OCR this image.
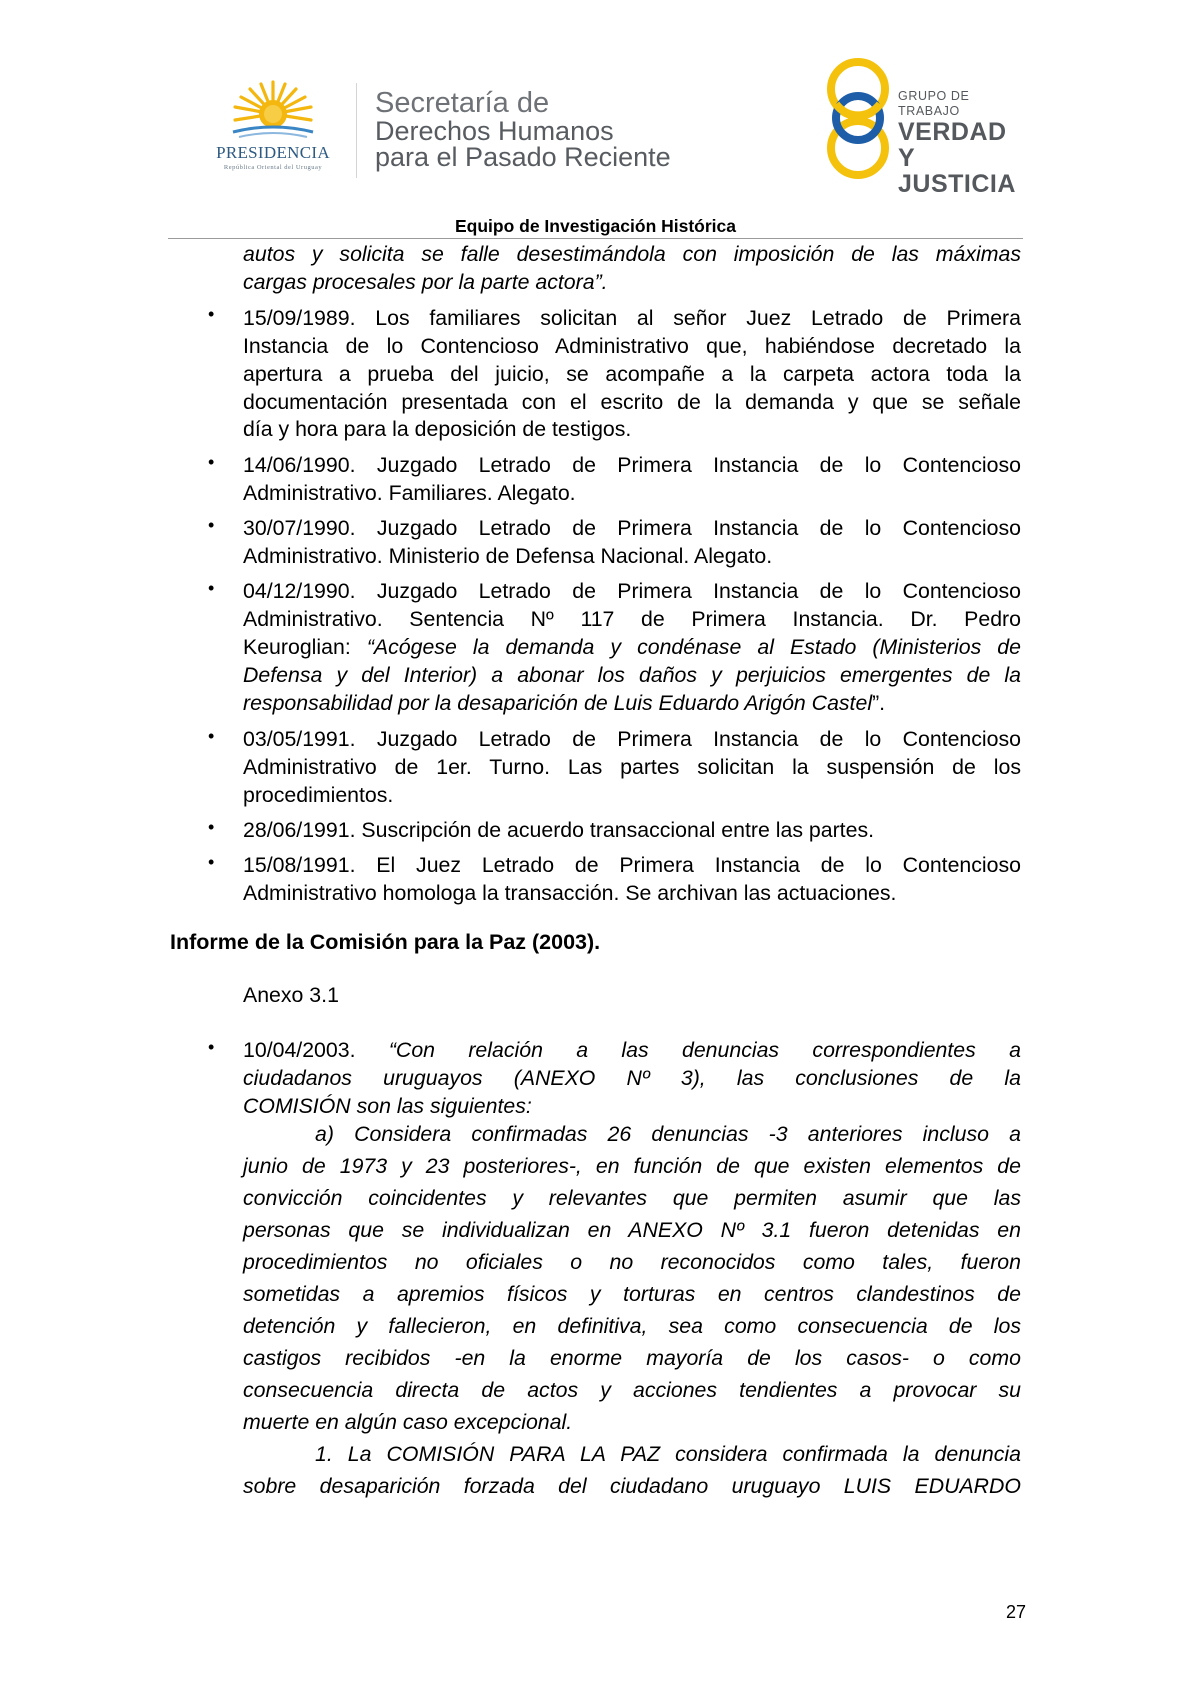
PRESIDENCIA
República Oriental del Uruguay
Secretaría de
Derechos Humanos
para el Pasado Reciente
GRUPO DE TRABAJO
VERDAD Y
JUSTICIA
Equipo de Investigación Histórica
autos y solicita se falle desestimándola con imposición de las máximas
cargas procesales por la parte actora”.
• 15/09/1989. Los familiares solicitan al señor Juez Letrado de Primera
Instancia de lo Contencioso Administrativo que, habiéndose decretado la
apertura a prueba del juicio, se acompañe a la carpeta actora toda la
documentación presentada con el escrito de la demanda y que se señale
día y hora para la deposición de testigos.
• 14/06/1990. Juzgado Letrado de Primera Instancia de lo Contencioso
Administrativo. Familiares. Alegato.
• 30/07/1990. Juzgado Letrado de Primera Instancia de lo Contencioso
Administrativo. Ministerio de Defensa Nacional. Alegato.
• 04/12/1990. Juzgado Letrado de Primera Instancia de lo Contencioso
Administrativo. Sentencia Nº 117 de Primera Instancia. Dr. Pedro
Keuroglian: “Acógese la demanda y condénase al Estado (Ministerios de
Defensa y del Interior) a abonar los daños y perjuicios emergentes de la
responsabilidad por la desaparición de Luis Eduardo Arigón Castel”.
• 03/05/1991. Juzgado Letrado de Primera Instancia de lo Contencioso
Administrativo de 1er. Turno. Las partes solicitan la suspensión de los
procedimientos.
• 28/06/1991. Suscripción de acuerdo transaccional entre las partes.
• 15/08/1991. El Juez Letrado de Primera Instancia de lo Contencioso
Administrativo homologa la transacción. Se archivan las actuaciones.
Informe de la Comisión para la Paz (2003).
Anexo 3.1
• 10/04/2003. “Con relación a las denuncias correspondientes a
ciudadanos uruguayos (ANEXO Nº 3), las conclusiones de la
COMISIÓN son las siguientes:
a) Considera confirmadas 26 denuncias -3 anteriores incluso a
junio de 1973 y 23 posteriores-, en función de que existen elementos de
convicción coincidentes y relevantes que permiten asumir que las
personas que se individualizan en ANEXO Nº 3.1 fueron detenidas en
procedimientos no oficiales o no reconocidos como tales, fueron
sometidas a apremios físicos y torturas en centros clandestinos de
detención y fallecieron, en definitiva, sea como consecuencia de los
castigos recibidos -en la enorme mayoría de los casos- o como
consecuencia directa de actos y acciones tendientes a provocar su
muerte en algún caso excepcional.
1. La COMISIÓN PARA LA PAZ considera confirmada la denuncia
sobre desaparición forzada del ciudadano uruguayo LUIS EDUARDO
27
